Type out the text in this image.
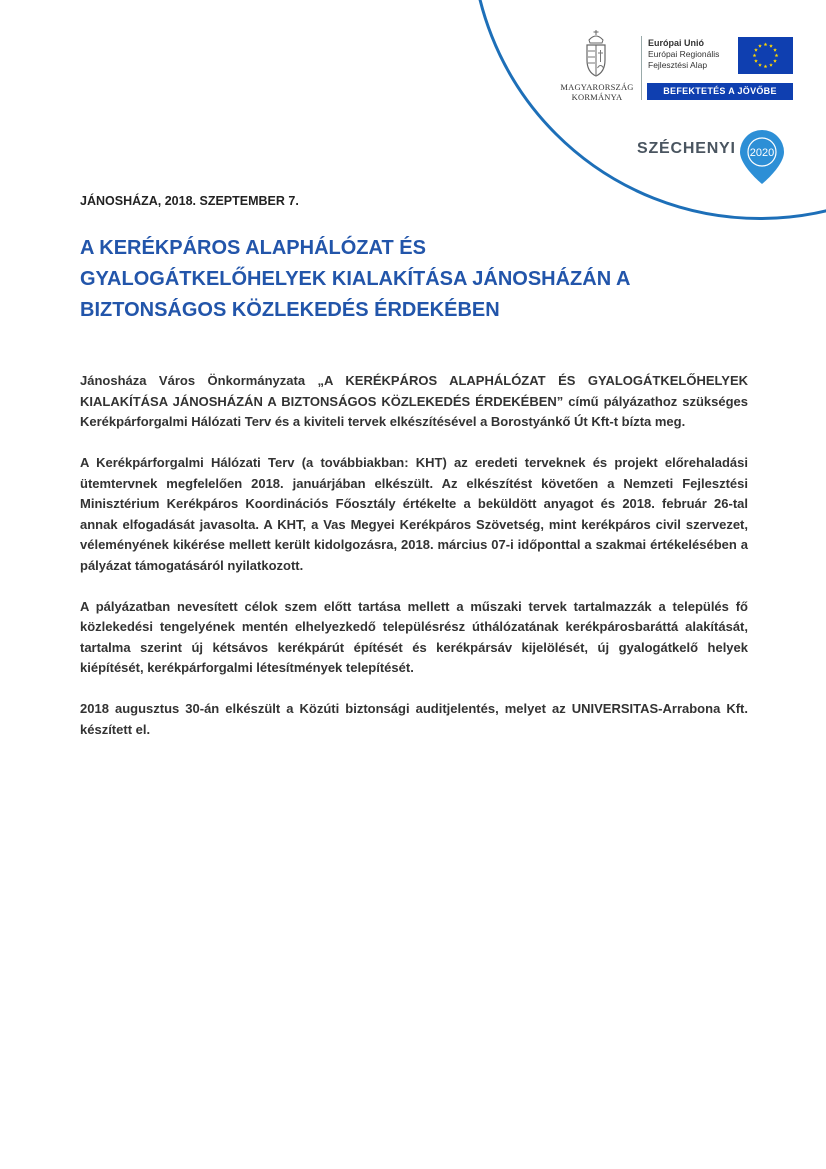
MAGYARORSZÁG KORMÁNYA
Európai Unió
Európai Regionális
Fejlesztési Alap
BEFEKTETÉS A JÖVŐBE
SZÉCHENYI 2020
JÁNOSHÁZA, 2018. SZEPTEMBER 7.
A KERÉKPÁROS ALAPHÁLÓZAT ÉS
GYALOGÁTKELŐHELYEK KIALAKÍTÁSA JÁNOSHÁZÁN A
BIZTONSÁGOS KÖZLEKEDÉS ÉRDEKÉBEN

Jánosháza Város Önkormányzata „A KERÉKPÁROS ALAPHÁLÓZAT ÉS GYALOGÁTKELŐHELYEK KIALAKÍTÁSA JÁNOSHÁZÁN A BIZTONSÁGOS KÖZLEKEDÉS ÉRDEKÉBEN” című pályázathoz szükséges Kerékpárforgalmi Hálózati Terv és a kiviteli tervek elkészítésével a Borostyánkő Út Kft-t bízta meg.

A Kerékpárforgalmi Hálózati Terv (a továbbiakban: KHT) az eredeti terveknek és projekt előrehaladási ütemtervnek megfelelően 2018. januárjában elkészült. Az elkészítést követően a Nemzeti Fejlesztési Minisztérium Kerékpáros Koordinációs Főosztály értékelte a beküldött anyagot és 2018. február 26-tal annak elfogadását javasolta. A KHT, a Vas Megyei Kerékpáros Szövetség, mint kerékpáros civil szervezet, véleményének kikérése mellett került kidolgozásra, 2018. március 07-i időponttal a szakmai értékelésében a pályázat támogatásáról nyilatkozott.

A pályázatban nevesített célok szem előtt tartása mellett a műszaki tervek tartalmazzák a település fő közlekedési tengelyének mentén elhelyezkedő településrész úthálózatának kerékpárosbaráttá alakítását, tartalma szerint új kétsávos kerékpárút építését és kerékpársáv kijelölését, új gyalogátkelő helyek kiépítését, kerékpárforgalmi létesítmények telepítését.

2018 augusztus 30-án elkészült a Közúti biztonsági auditjelentés, melyet az UNIVERSITAS-Arrabona Kft. készített el.
